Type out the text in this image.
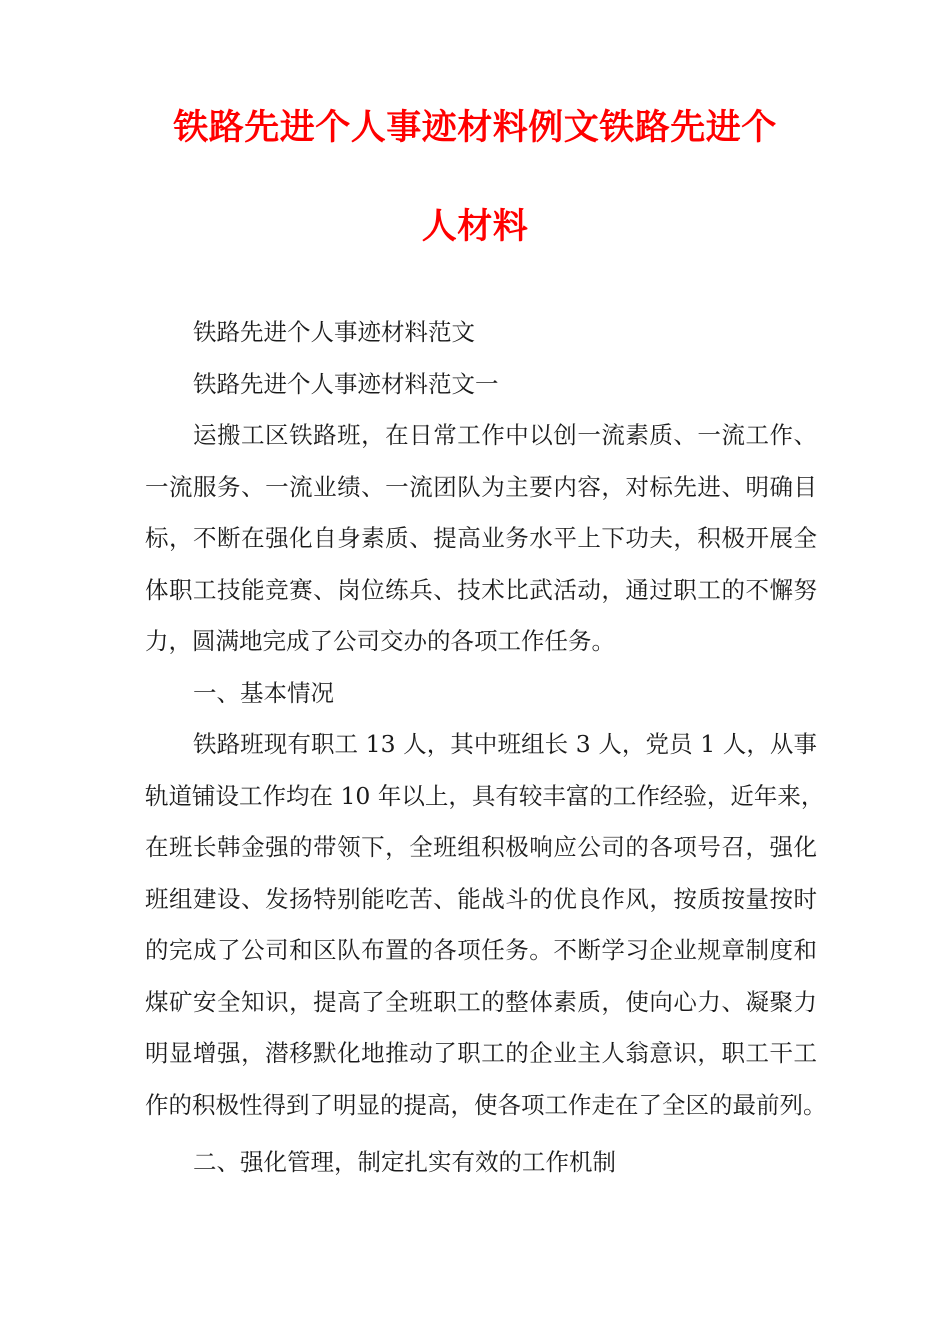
铁路先进个人事迹材料例文铁路先进个
人材料
铁路先进个人事迹材料范文
铁路先进个人事迹材料范文一
运搬工区铁路班，在日常工作中以创一流素质、一流工作、
一流服务、一流业绩、一流团队为主要内容，对标先进、明确目
标，不断在强化自身素质、提高业务水平上下功夫，积极开展全
体职工技能竞赛、岗位练兵、技术比武活动，通过职工的不懈努
力，圆满地完成了公司交办的各项工作任务。
一、基本情况
铁路班现有职工 13 人，其中班组长 3 人，党员 1 人，从事
轨道铺设工作均在 10 年以上，具有较丰富的工作经验，近年来，
在班长韩金强的带领下，全班组积极响应公司的各项号召，强化
班组建设、发扬特别能吃苦、能战斗的优良作风，按质按量按时
的完成了公司和区队布置的各项任务。不断学习企业规章制度和
煤矿安全知识，提高了全班职工的整体素质，使向心力、凝聚力
明显增强，潜移默化地推动了职工的企业主人翁意识，职工干工
作的积极性得到了明显的提高，使各项工作走在了全区的最前列。
二、强化管理，制定扎实有效的工作机制
